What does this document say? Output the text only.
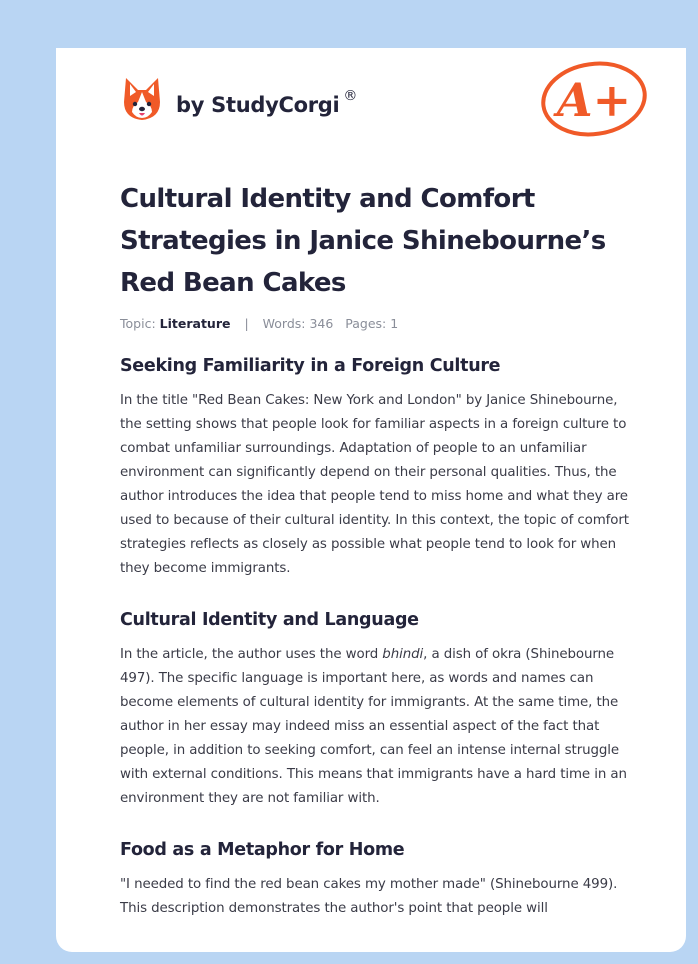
by StudyCorgi ®	A+
Cultural Identity and Comfort Strategies in Janice Shinebourne’s Red Bean Cakes
Topic: Literature | Words: 346 Pages: 1
Seeking Familiarity in a Foreign Culture

In the title "Red Bean Cakes: New York and London" by Janice Shinebourne, the setting shows that people look for familiar aspects in a foreign culture to combat unfamiliar surroundings. Adaptation of people to an unfamiliar environment can significantly depend on their personal qualities. Thus, the author introduces the idea that people tend to miss home and what they are used to because of their cultural identity. In this context, the topic of comfort strategies reflects as closely as possible what people tend to look for when they become immigrants.

Cultural Identity and Language

In the article, the author uses the word bhindi, a dish of okra (Shinebourne 497). The specific language is important here, as words and names can become elements of cultural identity for immigrants. At the same time, the author in her essay may indeed miss an essential aspect of the fact that people, in addition to seeking comfort, can feel an intense internal struggle with external conditions. This means that immigrants have a hard time in an environment they are not familiar with.

Food as a Metaphor for Home

"I needed to find the red bean cakes my mother made" (Shinebourne 499). This description demonstrates the author's point that people will
